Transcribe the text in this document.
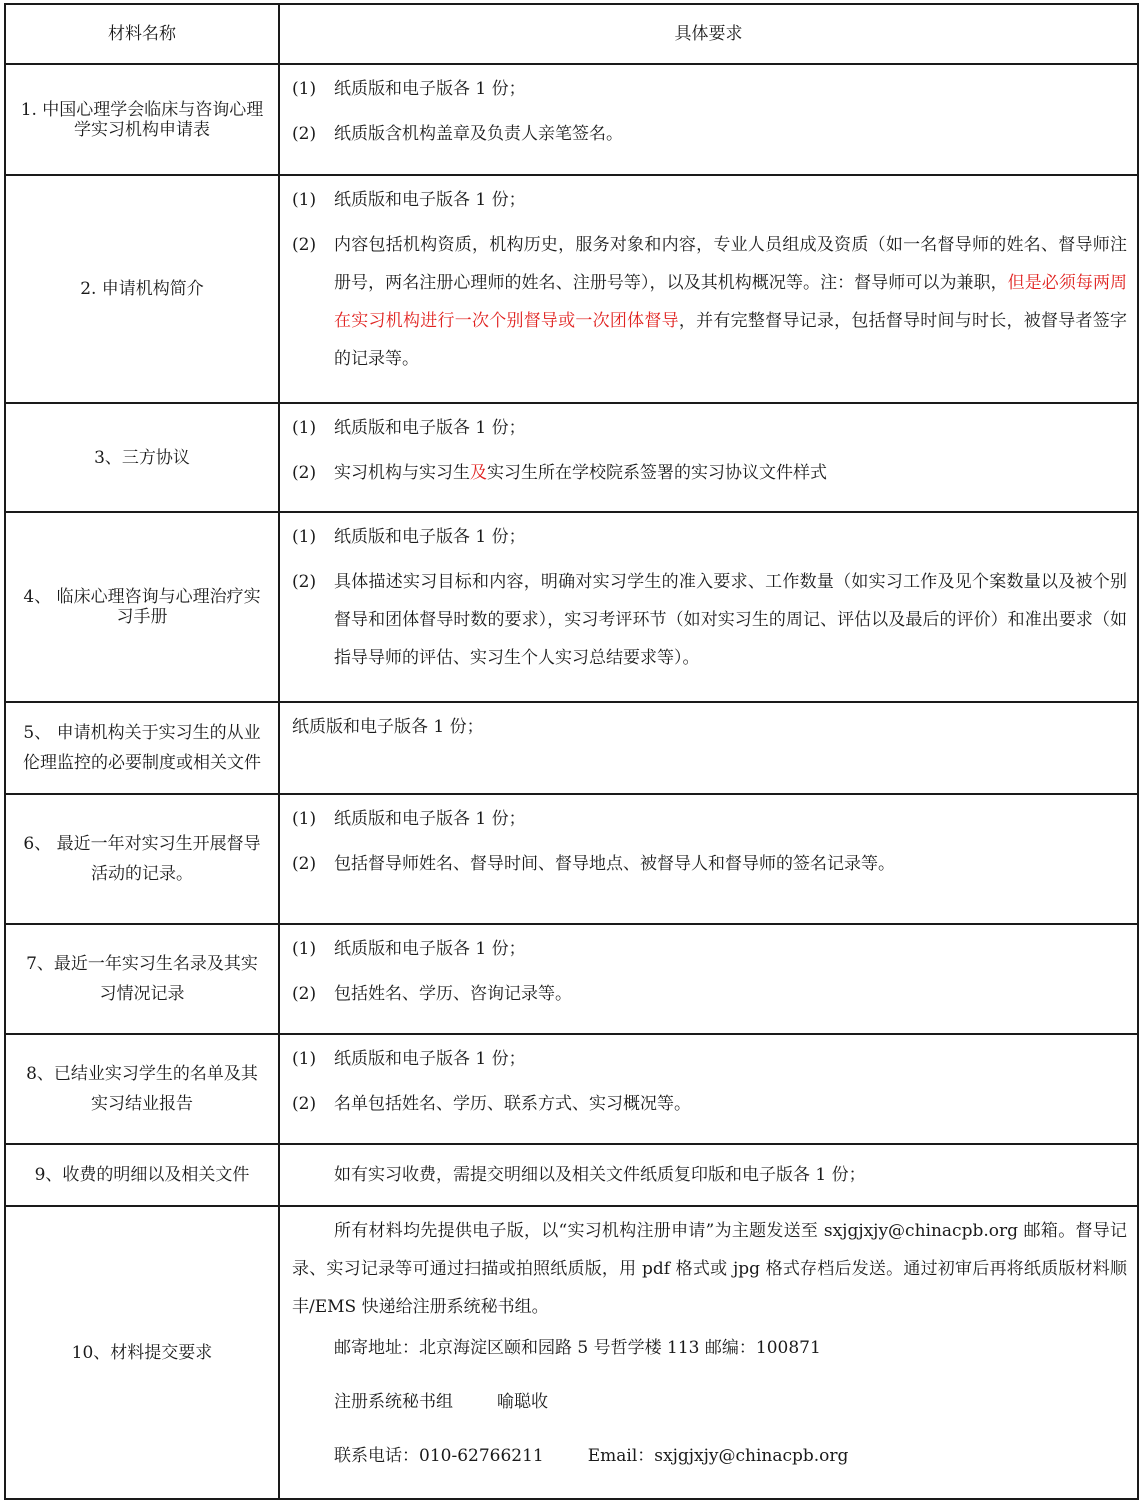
材料名称	具体要求
1. 中国心理学会临床与咨询心理学实习机构申请表	(1) 纸质版和电子版各 1 份；
(2) 纸质版含机构盖章及负责人亲笔签名。

2. 申请机构简介	(1) 纸质版和电子版各 1 份；
(2) 内容包括机构资质，机构历史，服务对象和内容，专业人员组成及资质（如一名督导师的姓名、督导师注册号，两名注册心理师的姓名、注册号等），以及其机构概况等。注：督导师可以为兼职，但是必须每两周在实习机构进行一次个别督导或一次团体督导，并有完整督导记录，包括督导时间与时长，被督导者签字的记录等。

3、三方协议	(1) 纸质版和电子版各 1 份；
(2) 实习机构与实习生及实习生所在学校院系签署的实习协议文件样式

4、 临床心理咨询与心理治疗实习手册	(1) 纸质版和电子版各 1 份；
(2) 具体描述实习目标和内容，明确对实习学生的准入要求、工作数量（如实习工作及见个案数量以及被个别督导和团体督导时数的要求），实习考评环节（如对实习生的周记、评估以及最后的评价）和准出要求（如指导导师的评估、实习生个人实习总结要求等）。

5、 申请机构关于实习生的从业伦理监控的必要制度或相关文件	纸质版和电子版各 1 份；

6、 最近一年对实习生开展督导活动的记录。	(1) 纸质版和电子版各 1 份；
(2) 包括督导师姓名、督导时间、督导地点、被督导人和督导师的签名记录等。

7、最近一年实习生名录及其实习情况记录	(1) 纸质版和电子版各 1 份；
(2) 包括姓名、学历、咨询记录等。

8、已结业实习学生的名单及其实习结业报告	(1) 纸质版和电子版各 1 份；
(2) 名单包括姓名、学历、联系方式、实习概况等。

9、收费的明细以及相关文件	如有实习收费，需提交明细以及相关文件纸质复印版和电子版各 1 份；

10、材料提交要求	所有材料均先提供电子版，以“实习机构注册申请”为主题发送至 sxjgjxjy@chinacpb.org 邮箱。督导记录、实习记录等可通过扫描或拍照纸质版，用 pdf 格式或 jpg 格式存档后发送。通过初审后再将纸质版材料顺丰/EMS 快递给注册系统秘书组。
邮寄地址：北京海淀区颐和园路 5 号哲学楼 113 邮编：100871
注册系统秘书组 喻聪收
联系电话：010-62766211 Email：sxjgjxjy@chinacpb.org
